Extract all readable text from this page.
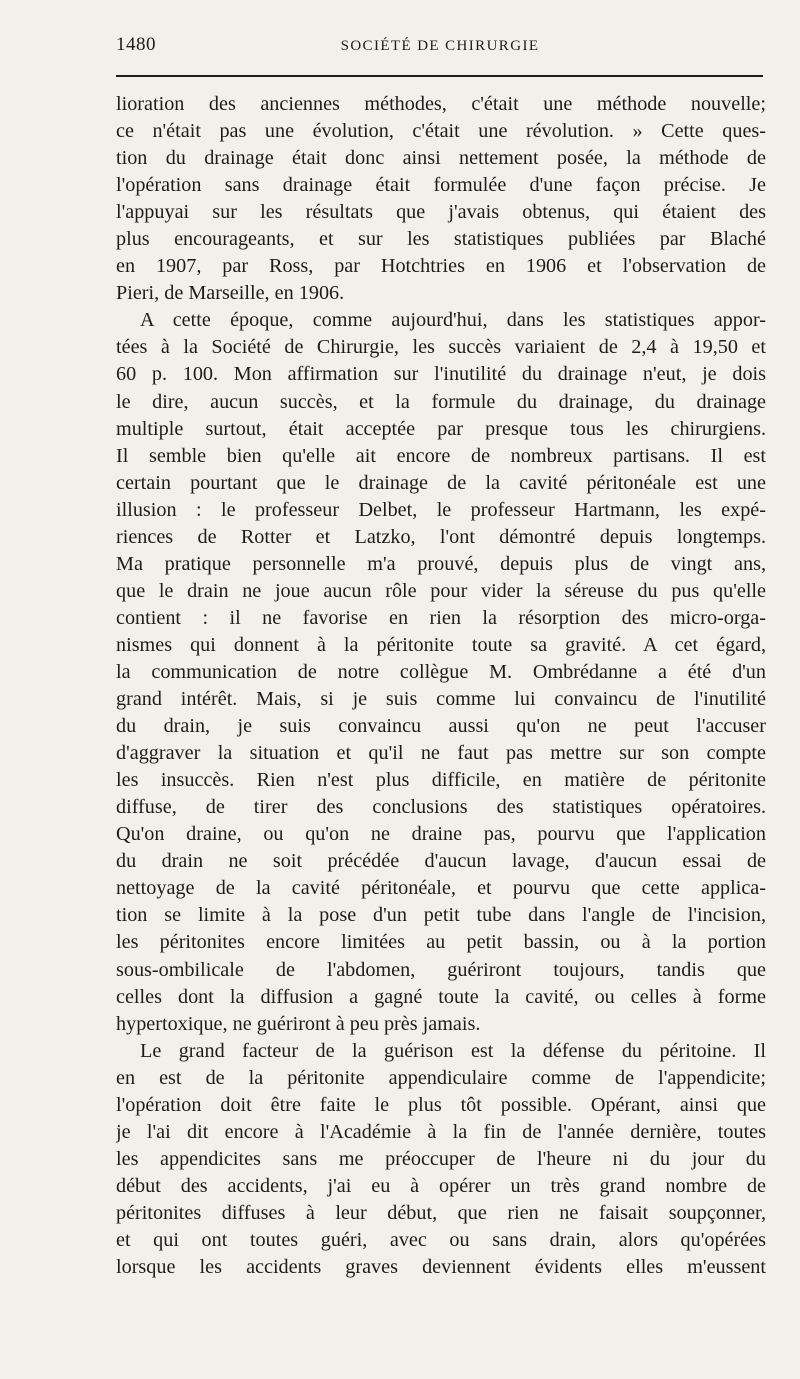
1480	SOCIÉTÉ DE CHIRURGIE
lioration des anciennes méthodes, c'était une méthode nouvelle;
ce n'était pas une évolution, c'était une révolution. » Cette ques-
tion du drainage était donc ainsi nettement posée, la méthode de
l'opération sans drainage était formulée d'une façon précise. Je
l'appuyai sur les résultats que j'avais obtenus, qui étaient des
plus encourageants, et sur les statistiques publiées par Blaché
en 1907, par Ross, par Hotchtries en 1906 et l'observation de
Pieri, de Marseille, en 1906.
A cette époque, comme aujourd'hui, dans les statistiques appor-
tées à la Société de Chirurgie, les succès variaient de 2,4 à 19,50 et
60 p. 100. Mon affirmation sur l'inutilité du drainage n'eut, je dois
le dire, aucun succès, et la formule du drainage, du drainage
multiple surtout, était acceptée par presque tous les chirurgiens.
Il semble bien qu'elle ait encore de nombreux partisans. Il est
certain pourtant que le drainage de la cavité péritonéale est une
illusion : le professeur Delbet, le professeur Hartmann, les expé-
riences de Rotter et Latzko, l'ont démontré depuis longtemps.
Ma pratique personnelle m'a prouvé, depuis plus de vingt ans,
que le drain ne joue aucun rôle pour vider la séreuse du pus qu'elle
contient : il ne favorise en rien la résorption des micro-orga-
nismes qui donnent à la péritonite toute sa gravité. A cet égard,
la communication de notre collègue M. Ombrédanne a été d'un
grand intérêt. Mais, si je suis comme lui convaincu de l'inutilité
du drain, je suis convaincu aussi qu'on ne peut l'accuser
d'aggraver la situation et qu'il ne faut pas mettre sur son compte
les insuccès. Rien n'est plus difficile, en matière de péritonite
diffuse, de tirer des conclusions des statistiques opératoires.
Qu'on draine, ou qu'on ne draine pas, pourvu que l'application
du drain ne soit précédée d'aucun lavage, d'aucun essai de
nettoyage de la cavité péritonéale, et pourvu que cette applica-
tion se limite à la pose d'un petit tube dans l'angle de l'incision,
les péritonites encore limitées au petit bassin, ou à la portion
sous-ombilicale de l'abdomen, guériront toujours, tandis que
celles dont la diffusion a gagné toute la cavité, ou celles à forme
hypertoxique, ne guériront à peu près jamais.
Le grand facteur de la guérison est la défense du péritoine. Il
en est de la péritonite appendiculaire comme de l'appendicite;
l'opération doit être faite le plus tôt possible. Opérant, ainsi que
je l'ai dit encore à l'Académie à la fin de l'année dernière, toutes
les appendicites sans me préoccuper de l'heure ni du jour du
début des accidents, j'ai eu à opérer un très grand nombre de
péritonites diffuses à leur début, que rien ne faisait soupçonner,
et qui ont toutes guéri, avec ou sans drain, alors qu'opérées
lorsque les accidents graves deviennent évidents elles m'eussent
